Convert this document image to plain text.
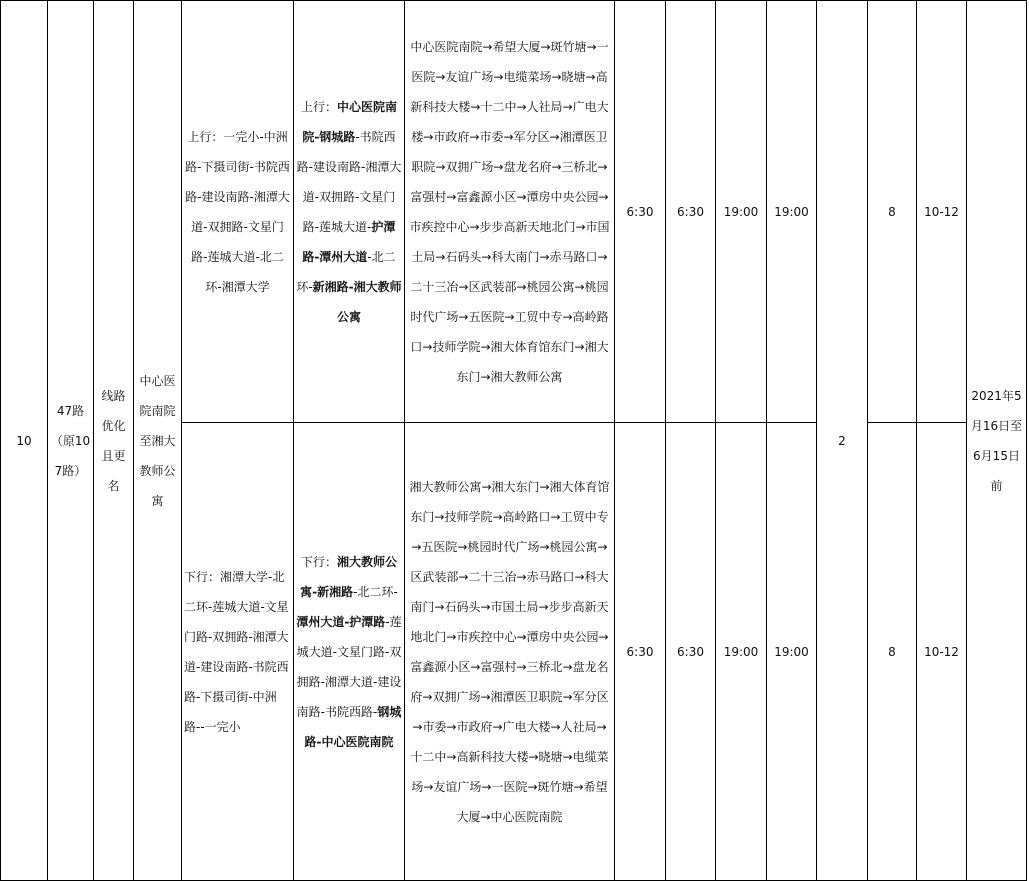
10	47路（原107路）	线路优化且更名	中心医院南院至湘大教师公寓	上行：一完小-中洲路-下摄司街-书院西路-建设南路-湘潭大道-双拥路-文星门路-莲城大道-北二环-湘潭大学	上行：中心医院南院-钢城路-书院西路-建设南路-湘潭大道-双拥路-文星门路-莲城大道-护潭路-潭州大道-北二环-新湘路-湘大教师公寓	中心医院南院→希望大厦→斑竹塘→一医院→友谊广场→电缆菜场→晓塘→高新科技大楼→十二中→人社局→广电大楼→市政府→市委→军分区→湘潭医卫职院→双拥广场→盘龙名府→三桥北→富强村→富鑫源小区→潭房中央公园→市疾控中心→步步高新天地北门→市国土局→石码头→科大南门→赤马路口→二十三冶→区武装部→桃园公寓→桃园时代广场→五医院→工贸中专→高岭路口→技师学院→湘大体育馆东门→湘大东门→湘大教师公寓	6:30	6:30	19:00	19:00	2	8	10-12	2021年5月16日至6月15日前
				下行：湘潭大学-北二环-莲城大道-文星门路-双拥路-湘潭大道-建设南路-书院西路-下摄司街-中洲路--一完小	下行：湘大教师公寓-新湘路-北二环-潭州大道-护潭路-莲城大道-文星门路-双拥路-湘潭大道-建设南路-书院西路-钢城路-中心医院南院	湘大教师公寓→湘大东门→湘大体育馆东门→技师学院→高岭路口→工贸中专→五医院→桃园时代广场→桃园公寓→区武装部→二十三冶→赤马路口→科大南门→石码头→市国土局→步步高新天地北门→市疾控中心→潭房中央公园→富鑫源小区→富强村→三桥北→盘龙名府→双拥广场→湘潭医卫职院→军分区→市委→市政府→广电大楼→人社局→十二中→高新科技大楼→晓塘→电缆菜场→友谊广场→一医院→斑竹塘→希望大厦→中心医院南院	6:30	6:30	19:00	19:00		8	10-12	
